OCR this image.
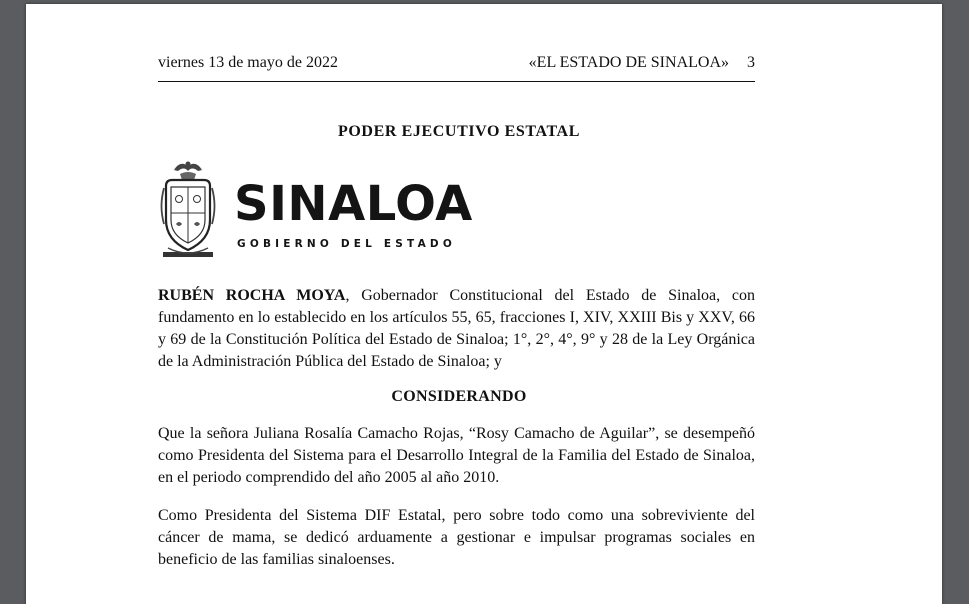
viernes 13 de mayo de 2022	«EL ESTADO DE SINALOA» 3
PODER EJECUTIVO ESTATAL
SINALOA
GOBIERNO DEL ESTADO
RUBÉN ROCHA MOYA, Gobernador Constitucional del Estado de Sinaloa, con fundamento en lo establecido en los artículos 55, 65, fracciones I, XIV, XXIII Bis y XXV, 66 y 69 de la Constitución Política del Estado de Sinaloa; 1°, 2°, 4°, 9° y 28 de la Ley Orgánica de la Administración Pública del Estado de Sinaloa; y
CONSIDERANDO
Que la señora Juliana Rosalía Camacho Rojas, “Rosy Camacho de Aguilar”, se desempeñó como Presidenta del Sistema para el Desarrollo Integral de la Familia del Estado de Sinaloa, en el periodo comprendido del año 2005 al año 2010.
Como Presidenta del Sistema DIF Estatal, pero sobre todo como una sobreviviente del cáncer de mama, se dedicó arduamente a gestionar e impulsar programas sociales en beneficio de las familias sinaloenses.
